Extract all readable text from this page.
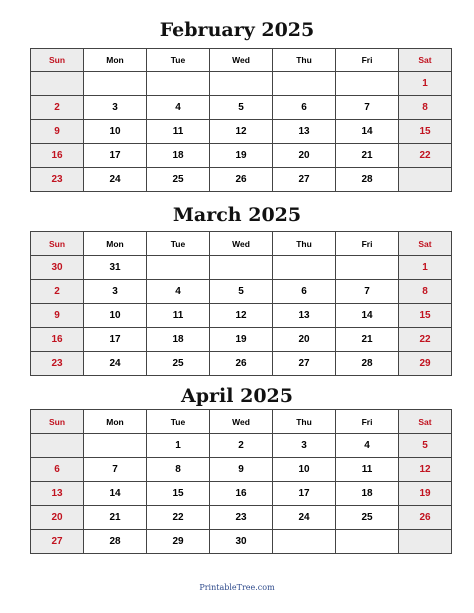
February 2025
Sun	Mon	Tue	Wed	Thu	Fri	Sat
						1
2	3	4	5	6	7	8
9	10	11	12	13	14	15
16	17	18	19	20	21	22
23	24	25	26	27	28	
March 2025
Sun	Mon	Tue	Wed	Thu	Fri	Sat
30	31					1
2	3	4	5	6	7	8
9	10	11	12	13	14	15
16	17	18	19	20	21	22
23	24	25	26	27	28	29
April 2025
Sun	Mon	Tue	Wed	Thu	Fri	Sat
		1	2	3	4	5
6	7	8	9	10	11	12
13	14	15	16	17	18	19
20	21	22	23	24	25	26
27	28	29	30			
PrintableTree.com
